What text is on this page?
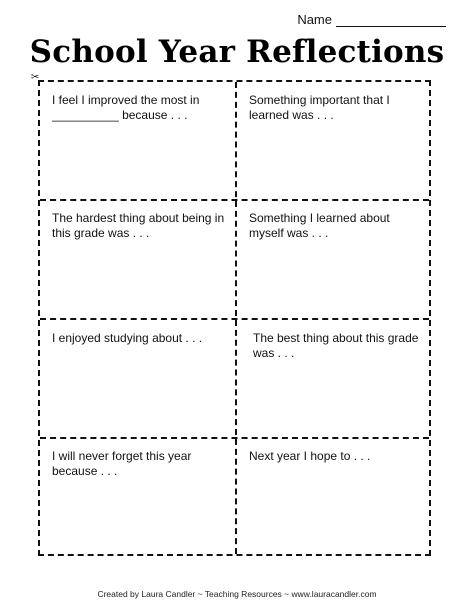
Name
School Year Reflections
✂
I feel I improved the most in __________ because . . .
Something important that I learned was . . .
The hardest thing about being in this grade was . . .
Something I learned about myself was . . .
I enjoyed studying about . . .	The best thing about this grade was . . .
I will never forget this year because . . .
Next year I hope to . . .
Created by Laura Candler ~ Teaching Resources ~ www.lauracandler.com
